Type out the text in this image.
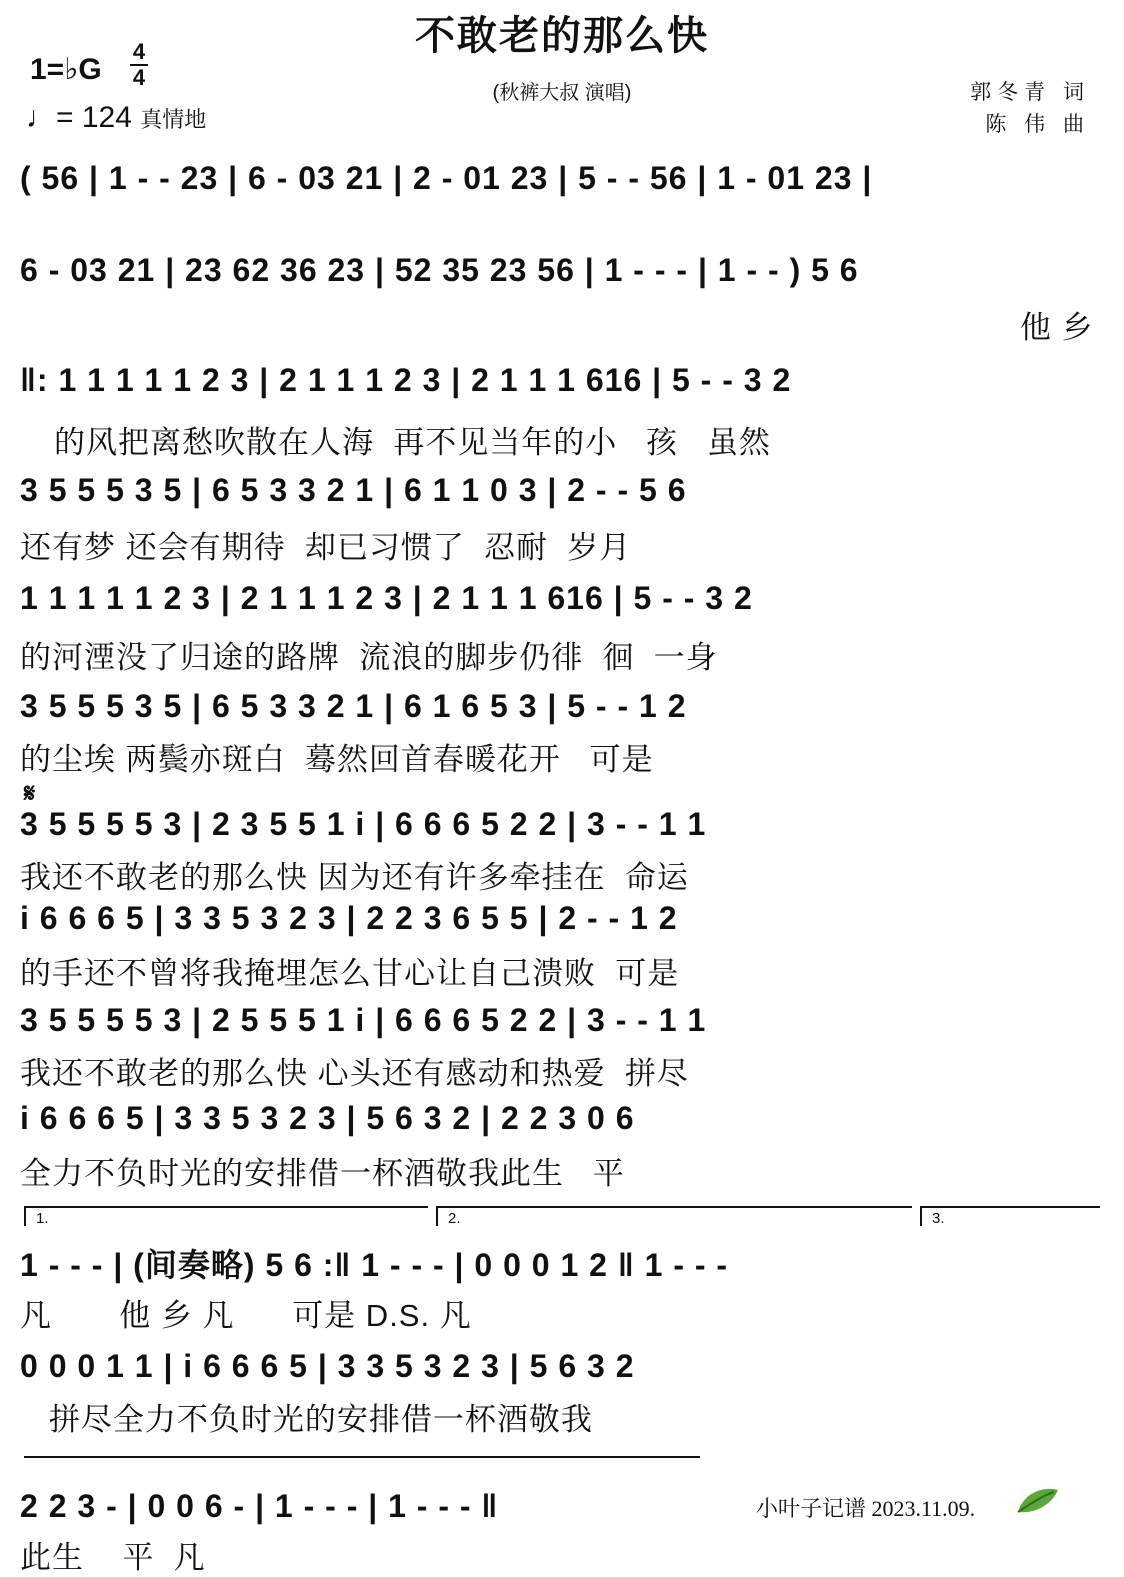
不敢老的那么快
(秋裤大叔 演唱)	郭冬青 词
陈 伟 曲
1=♭G
4
4
♩= 124 真情地
𝄋
( 56 | 1 - - 23 | 6 - 03 21 | 2 - 01 23 | 5 - - 56 | 1 - 01 23 |
6 - 03 21 | 23 62 36 23 | 52 35 23 56 | 1 - - - | 1 - - ) 5 6
他 乡
‖: 1 1 1 1 1 2 3 | 2 1 1 1 2 3 | 2 1 1 1 616 | 5 - - 3 2
的风把离愁吹散在人海  再不见当年的小   孩   虽然
3 5 5 5 3 5 | 6 5 3 3 2 1 | 6 1 1 0 3 | 2 - - 5 6
还有梦 还会有期待  却已习惯了  忍耐  岁月
1 1 1 1 1 2 3 | 2 1 1 1 2 3 | 2 1 1 1 616 | 5 - - 3 2
的河湮没了归途的路牌  流浪的脚步仍徘  徊  一身
3 5 5 5 3 5 | 6 5 3 3 2 1 | 6 1 6 5 3 | 5 - - 1 2
的尘埃 两鬓亦斑白  蓦然回首春暖花开   可是
3 5 5 5 5 3 | 2 3 5 5 1 i | 6 6 6 5 2 2 | 3 - - 1 1
我还不敢老的那么快 因为还有许多牵挂在  命运
i 6 6 6 5 | 3 3 5 3 2 3 | 2 2 3 6 5 5 | 2 - - 1 2
的手还不曾将我掩埋怎么甘心让自己溃败  可是
3 5 5 5 5 3 | 2 5 5 5 1 i | 6 6 6 5 2 2 | 3 - - 1 1
我还不敢老的那么快 心头还有感动和热爱  拼尽
i 6 6 6 5 | 3 3 5 3 2 3 | 5 6 3 2 | 2 2 3 0 6
全力不负时光的安排借一杯酒敬我此生   平
1.	2.	3.
1 - - - | (间奏略) 5 6 :‖ 1 - - - | 0 0 0 1 2 ‖ 1 - - -
凡       他 乡 凡      可是 D.S. 凡
0 0 0 1 1 | i 6 6 6 5 | 3 3 5 3 2 3 | 5 6 3 2
拼尽全力不负时光的安排借一杯酒敬我
2 2 3 - | 0 0 6 - | 1 - - - | 1 - - - ‖
此生    平  凡
小叶子记谱 2023.11.09.
